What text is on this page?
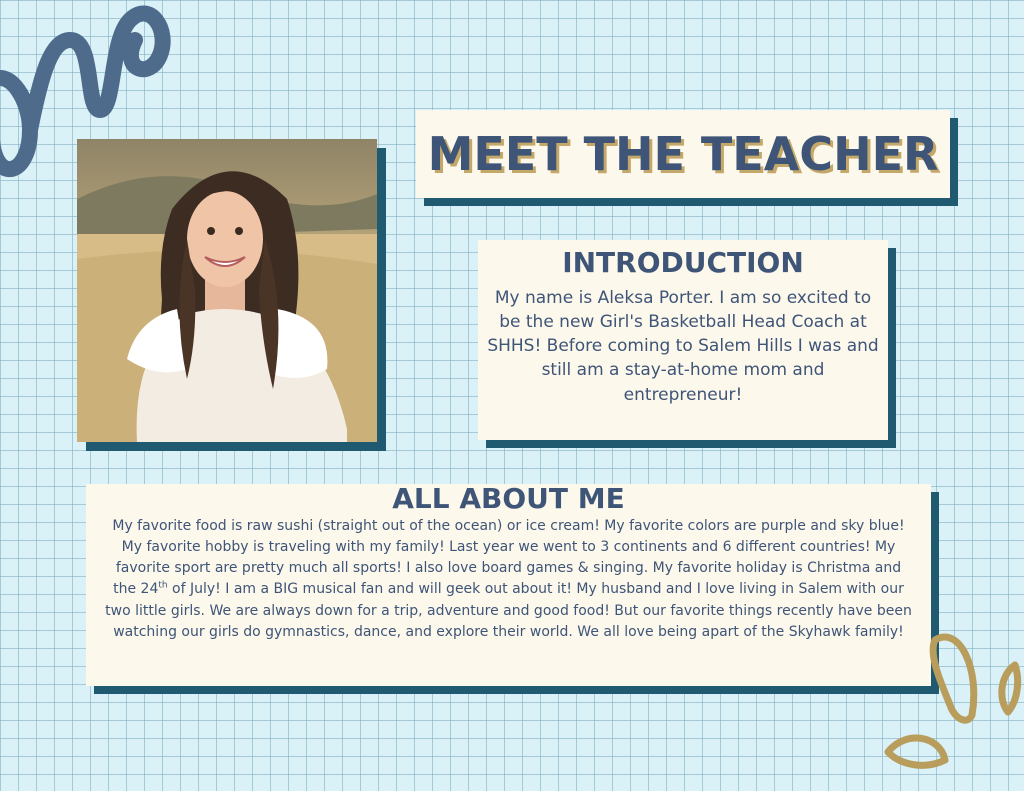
MEET THE TEACHER
INTRODUCTION

My name is Aleksa Porter. I am so excited to be the new Girl's Basketball Head Coach at SHHS! Before coming to Salem Hills I was and still am a stay-at-home mom and entrepreneur!

ALL ABOUT ME

My favorite food is raw sushi (straight out of the ocean) or ice cream! My favorite colors are purple and sky blue! My favorite hobby is traveling with my family! Last year we went to 3 continents and 6 different countries! My favorite sport are pretty much all sports! I also love board games & singing. My favorite holiday is Christma and the 24th of July! I am a BIG musical fan and will geek out about it! My husband and I love living in Salem with our two little girls. We are always down for a trip, adventure and good food! But our favorite things recently have been watching our girls do gymnastics, dance, and explore their world. We all love being apart of the Skyhawk family!
